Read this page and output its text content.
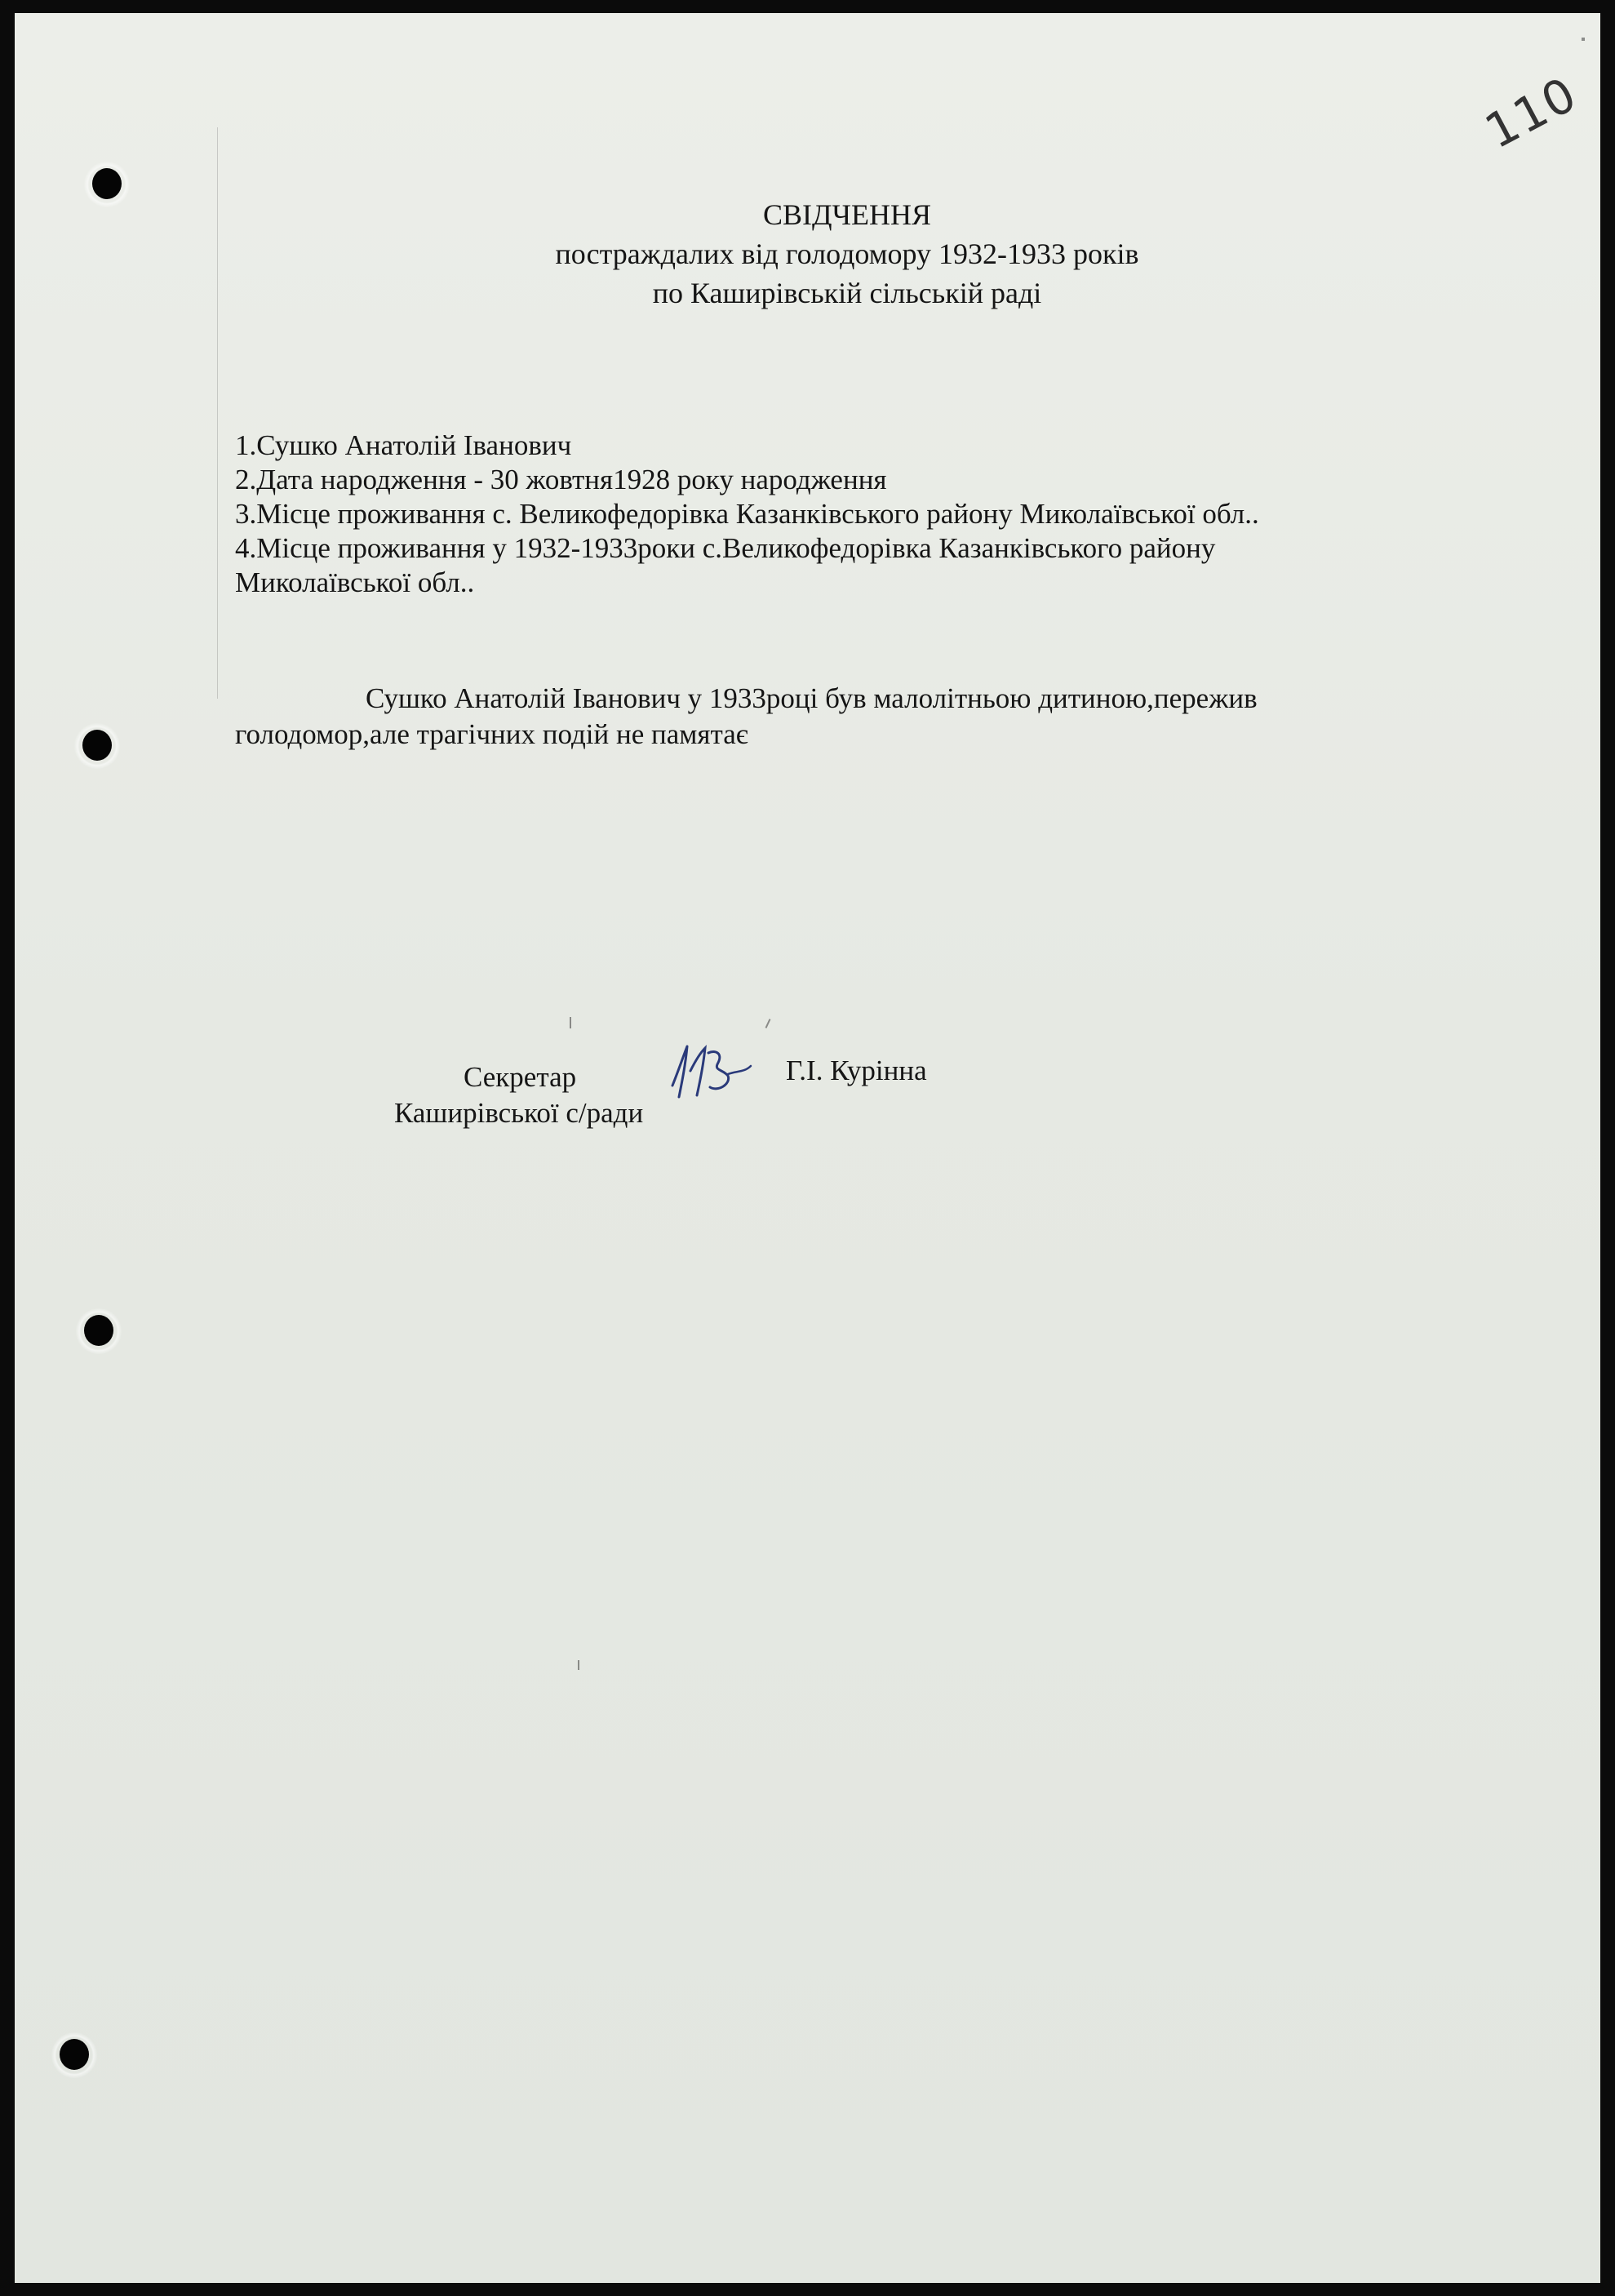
110

СВІДЧЕННЯ

постраждалих від голодомору 1932-1933 років

по Каширівській сільській раді

1.Сушко Анатолій Іванович

2.Дата народження - 30 жовтня1928 року народження

3.Місце проживання с. Великофедорівка Казанківського району Миколаївської обл..

4.Місце проживання у 1932-1933роки с.Великофедорівка Казанківського району

Миколаївської обл..

Сушко Анатолій Іванович у 1933році був малолітньою дитиною,пережив

голодомор,але трагічних подій не памятає

Секретар

Каширівської с/ради

Г.І. Курінна
